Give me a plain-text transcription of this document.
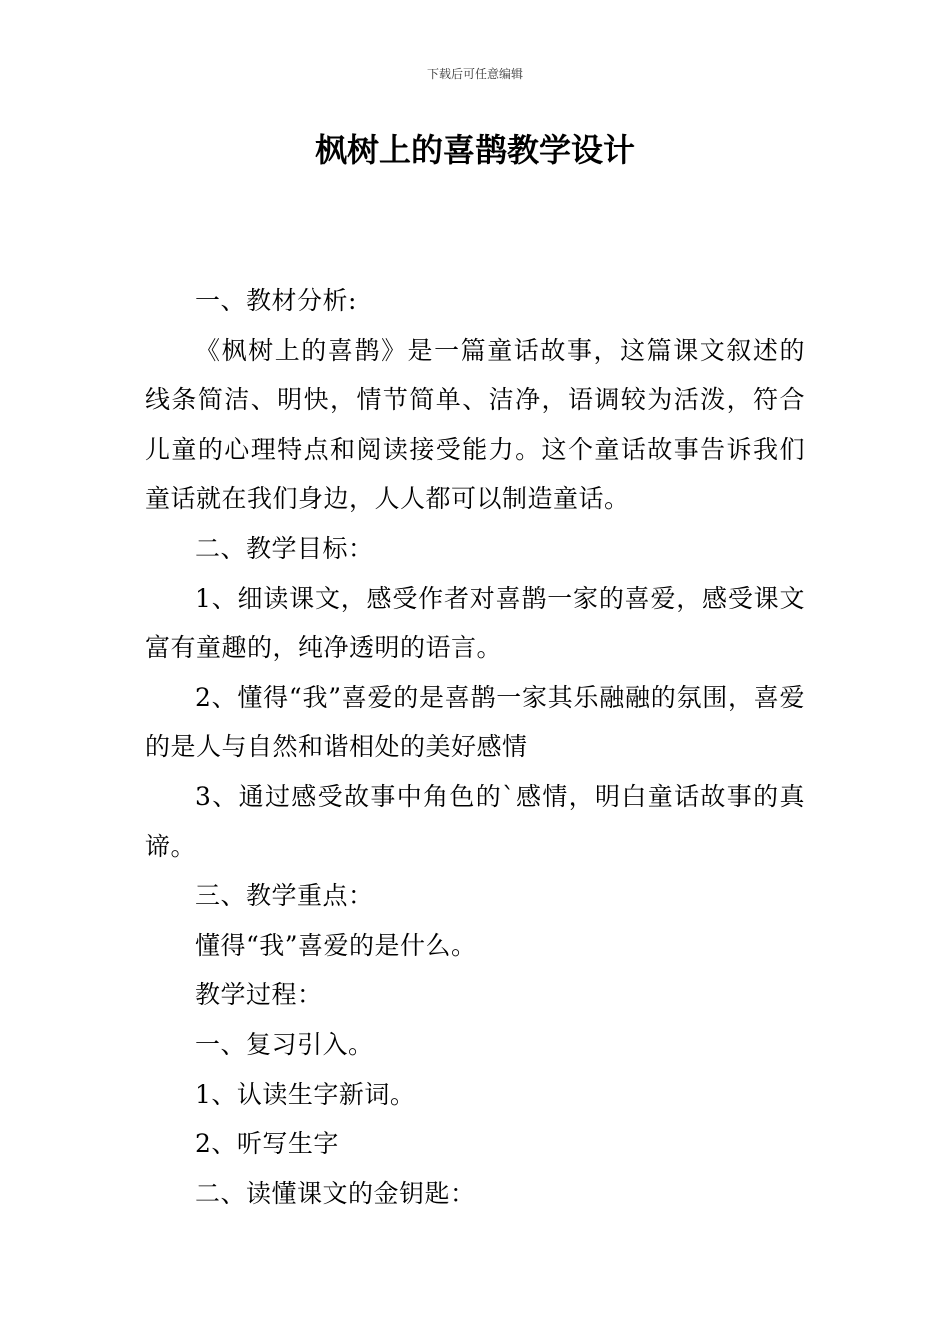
下载后可任意编辑
枫树上的喜鹊教学设计

一、教材分析:

《枫树上的喜鹊》是一篇童话故事，这篇课文叙述的线条简洁、明快，情节简单、洁净，语调较为活泼，符合儿童的心理特点和阅读接受能力。这个童话故事告诉我们童话就在我们身边，人人都可以制造童话。

二、教学目标：

1、细读课文，感受作者对喜鹊一家的喜爱，感受课文富有童趣的，纯净透明的语言。

2、懂得“我”喜爱的是喜鹊一家其乐融融的氛围，喜爱的是人与自然和谐相处的美好感情

3、通过感受故事中角色的`感情，明白童话故事的真谛。

三、教学重点：

懂得“我”喜爱的是什么。

教学过程：

一、复习引入。

1、认读生字新词。

2、听写生字

二、读懂课文的金钥匙：
